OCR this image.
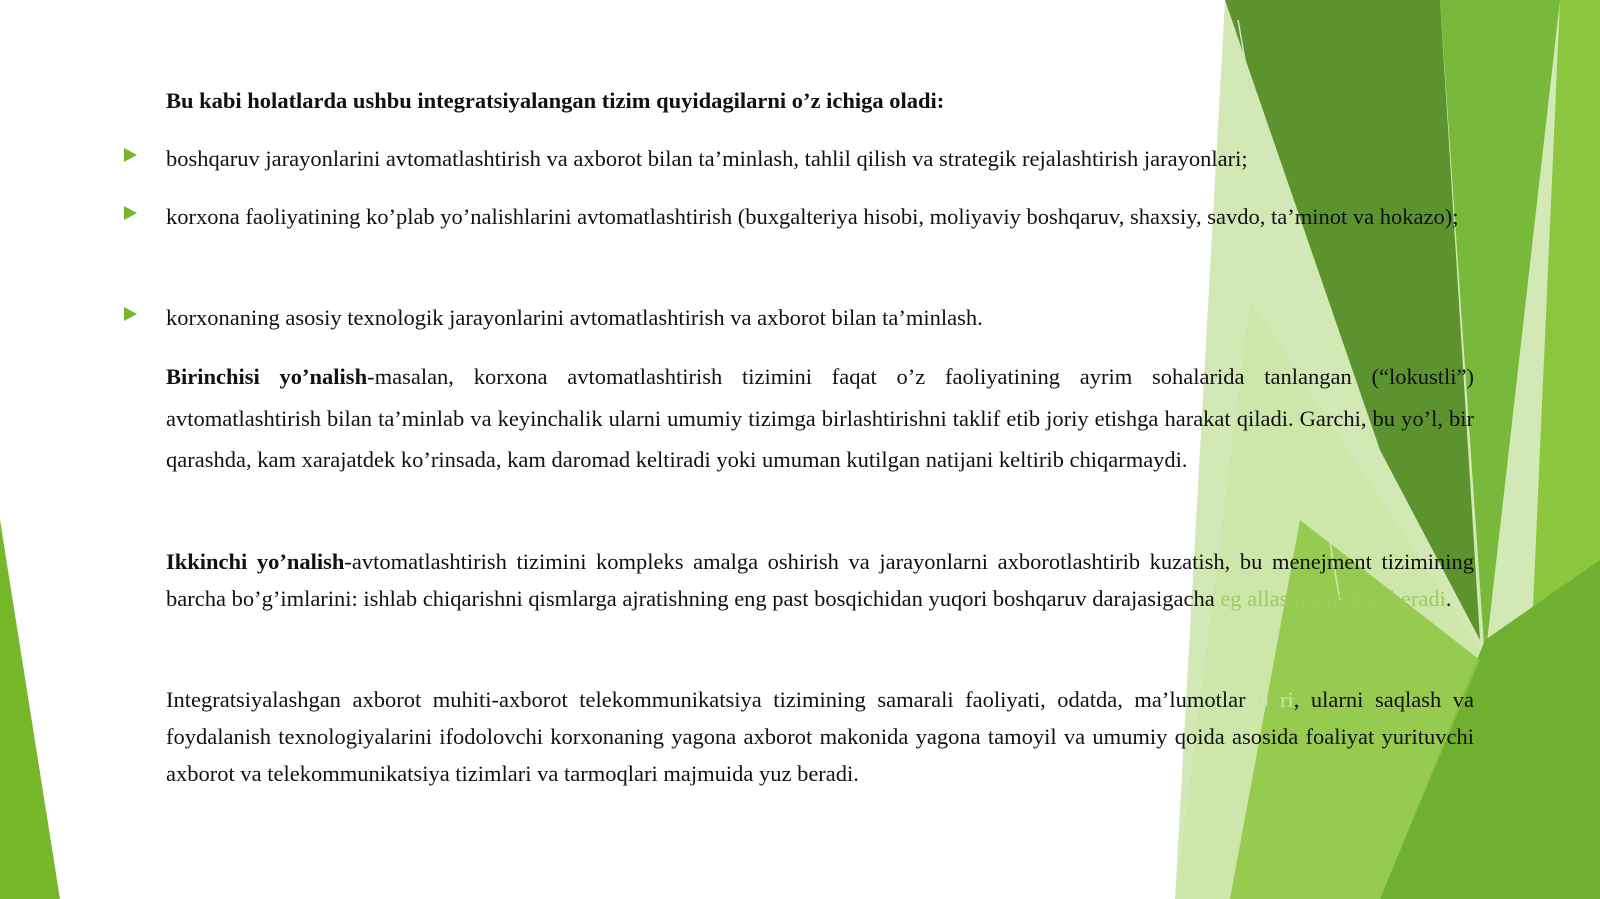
Bu kabi holatlarda ushbu integratsiyalangan tizim quyidagilarni o’z ichiga oladi:

boshqaruv jarayonlarini avtomatlashtirish va axborot bilan ta’minlash, tahlil qilish va strategik rejalashtirish jarayonlari;

korxona faoliyatining ko’plab yo’nalishlarini avtomatlashtirish (buxgalteriya hisobi, moliyaviy boshqaruv, shaxsiy, savdo, ta’minot va hokazo);

korxonaning asosiy texnologik jarayonlarini avtomatlashtirish va axborot bilan ta’minlash.

Birinchisi yo’nalish-masalan, korxona avtomatlashtirish tizimini faqat o’z faoliyatining ayrim sohalarida tanlangan (“lokustli”) avtomatlashtirish bilan ta’minlab va keyinchalik ularni umumiy tizimga birlashtirishni taklif etib joriy etishga harakat qiladi. Garchi, bu yo’l, bir qarashda, kam xarajatdek ko’rinsada, kam daromad keltiradi yoki umuman kutilgan natijani keltirib chiqarmaydi.

Ikkinchi yo’nalish-avtomatlashtirish tizimini kompleks amalga oshirish va jarayonlarni axborotlashtirib kuzatish, bu menejment tizimining barcha bo’g’imlarini: ishlab chiqarishni qismlarga ajratishning eng past bosqichidan yuqori boshqaruv darajasigacha eg allashga imkon beradi.

Integratsiyalashgan axborot muhiti-axborot telekommunikatsiya tizimining samarali faoliyati, odatda, ma’lumotlar b ri, ularni saqlash va foydalanish texnologiyalarini ifodolovchi korxonaning yagona axborot makonida yagona tamoyil va umumiy qoida asosida foaliyat yurituvchi axborot va telekommunikatsiya tizimlari va tarmoqlari majmuida yuz beradi.
